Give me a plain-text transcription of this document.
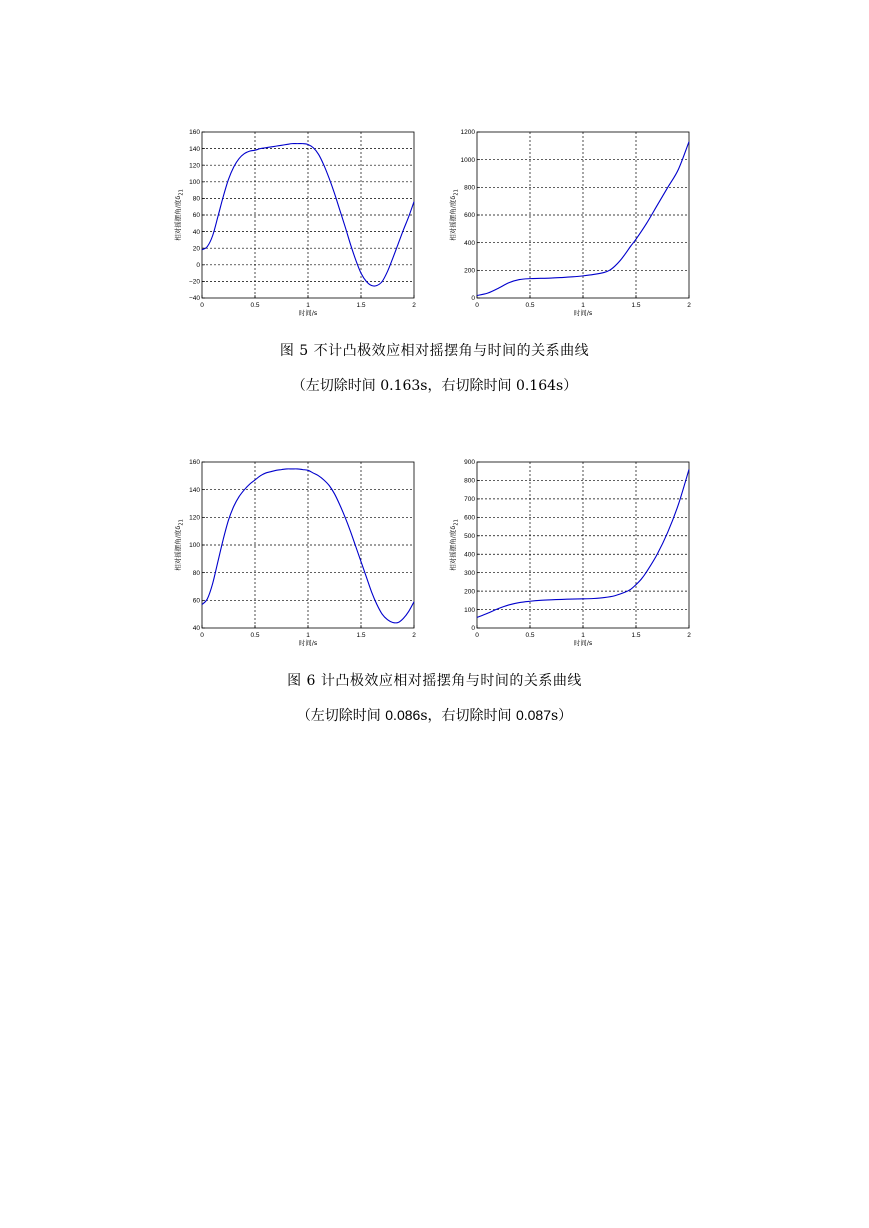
0	0.5	1	1.5	2
−40
−20
0
20
40
60
80
100
120
140
160
时间/s
相对摇摆角/度$\delta_{21}$
0	0.5	1	1.5	2
0
200
400
600
800
1000
1200
时间/s
相对摇摆角/度$\delta_{21}$
图 5 不计凸极效应相对摇摆角与时间的关系曲线
（左切除时间 0.163s，右切除时间 0.164s）
0	0.5	1	1.5	2
40
60
80
100
120
140
160
时间/s
相对摇摆角/度$\delta_{21}$
0	0.5	1	1.5	2
0
100
200
300
400
500
600
700
800
900
时间/s
相对摇摆角/度$\delta_{21}$
图 6 计凸极效应相对摇摆角与时间的关系曲线
（左切除时间 0.086s，右切除时间 0.087s）
